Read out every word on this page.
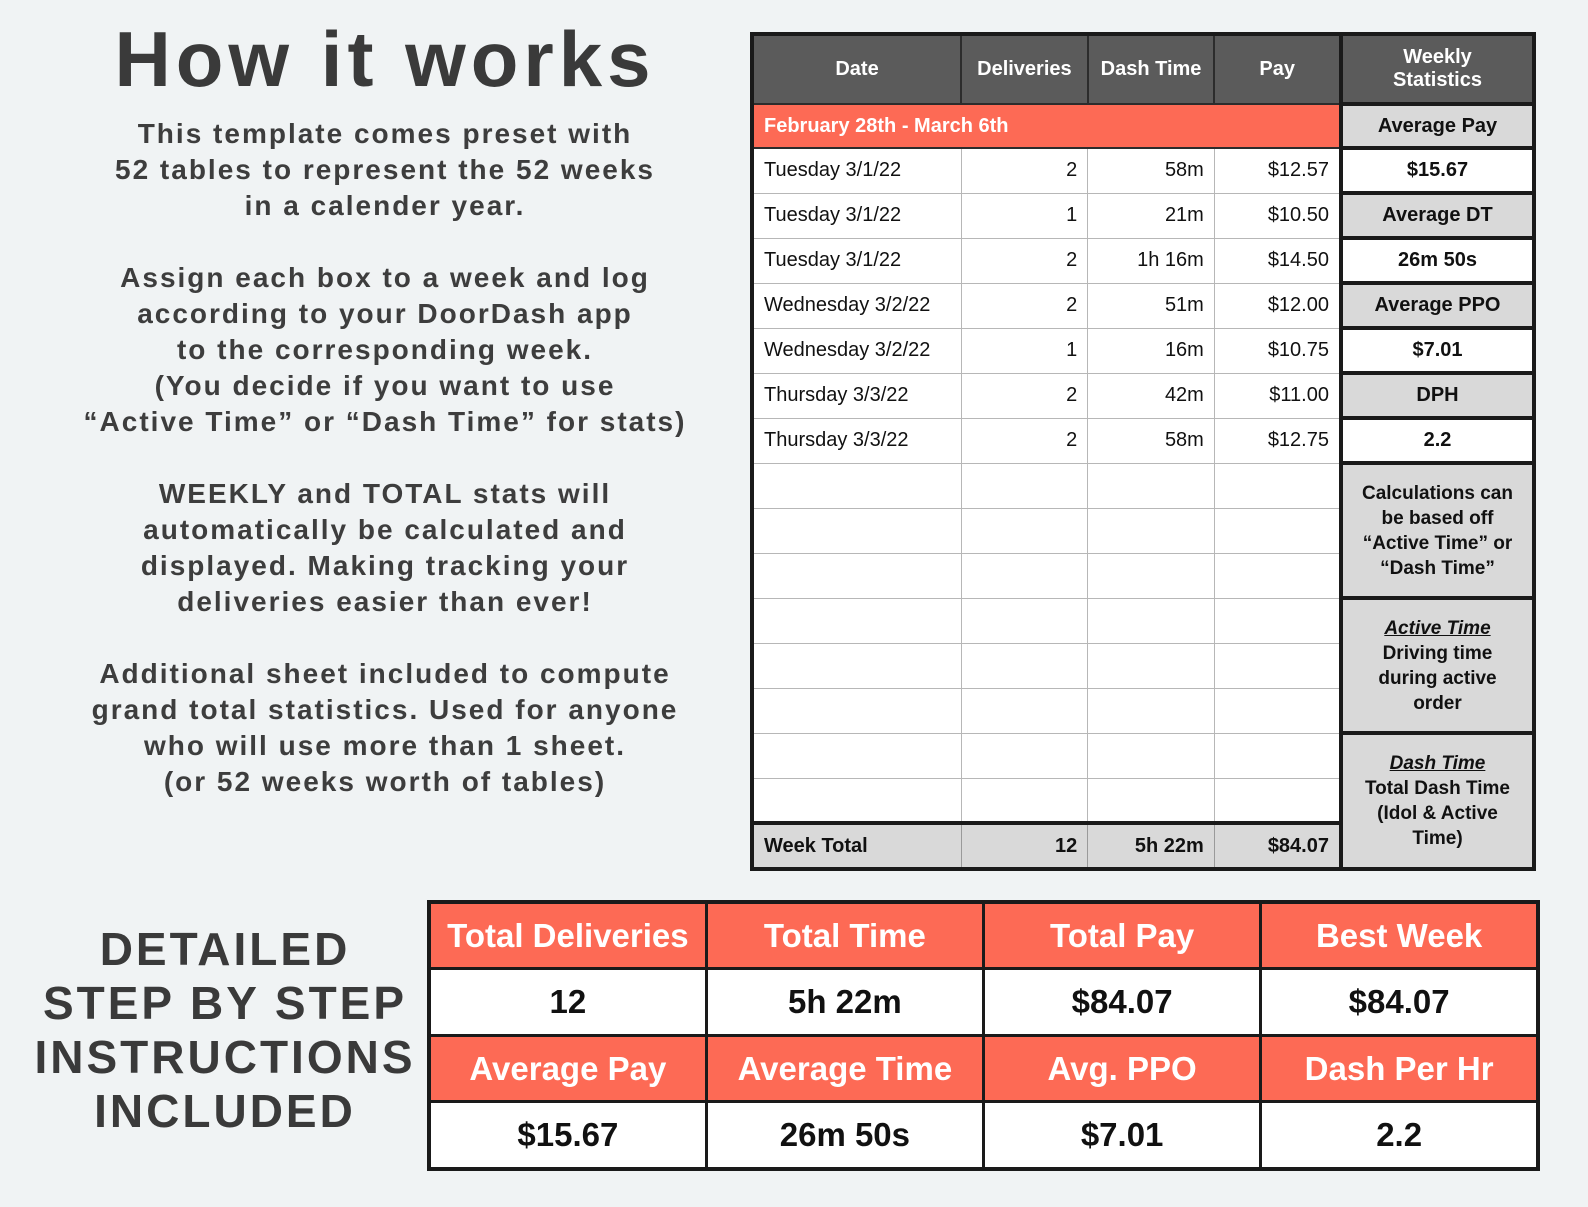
How it works

This template comes preset with
52 tables to represent the 52 weeks
in a calender year.

Assign each box to a week and log
according to your DoorDash app
to the corresponding week.
(You decide if you want to use
“Active Time” or “Dash Time” for stats)

WEEKLY and TOTAL stats will
automatically be calculated and
displayed. Making tracking your
deliveries easier than ever!

Additional sheet included to compute
grand total statistics. Used for anyone
who will use more than 1 sheet.
(or 52 weeks worth of tables)

DETAILED
STEP BY STEP
INSTRUCTIONS
INCLUDED
Date	Deliveries	Dash Time	Pay	Weekly Statistics
February 28th - March 6th				Average Pay
Tuesday 3/1/22	2	58m	$12.57	$15.67
Tuesday 3/1/22	1	21m	$10.50	Average DT
Tuesday 3/1/22	2	1h 16m	$14.50	26m 50s
Wednesday 3/2/22	2	51m	$12.00	Average PPO
Wednesday 3/2/22	1	16m	$10.75	$7.01
Thursday 3/3/22	2	42m	$11.00	DPH
Thursday 3/3/22	2	58m	$12.75	2.2
				Calculations can be based off “Active Time” or “Dash Time”

				Active Time
Driving time during active order

				Dash Time
Total Dash Time (Idol & Active Time)

Week Total	12	5h 22m	$84.07	
Total Deliveries	Total Time	Total Pay	Best Week
12	5h 22m	$84.07	$84.07
Average Pay	Average Time	Avg. PPO	Dash Per Hr
$15.67	26m 50s	$7.01	2.2
